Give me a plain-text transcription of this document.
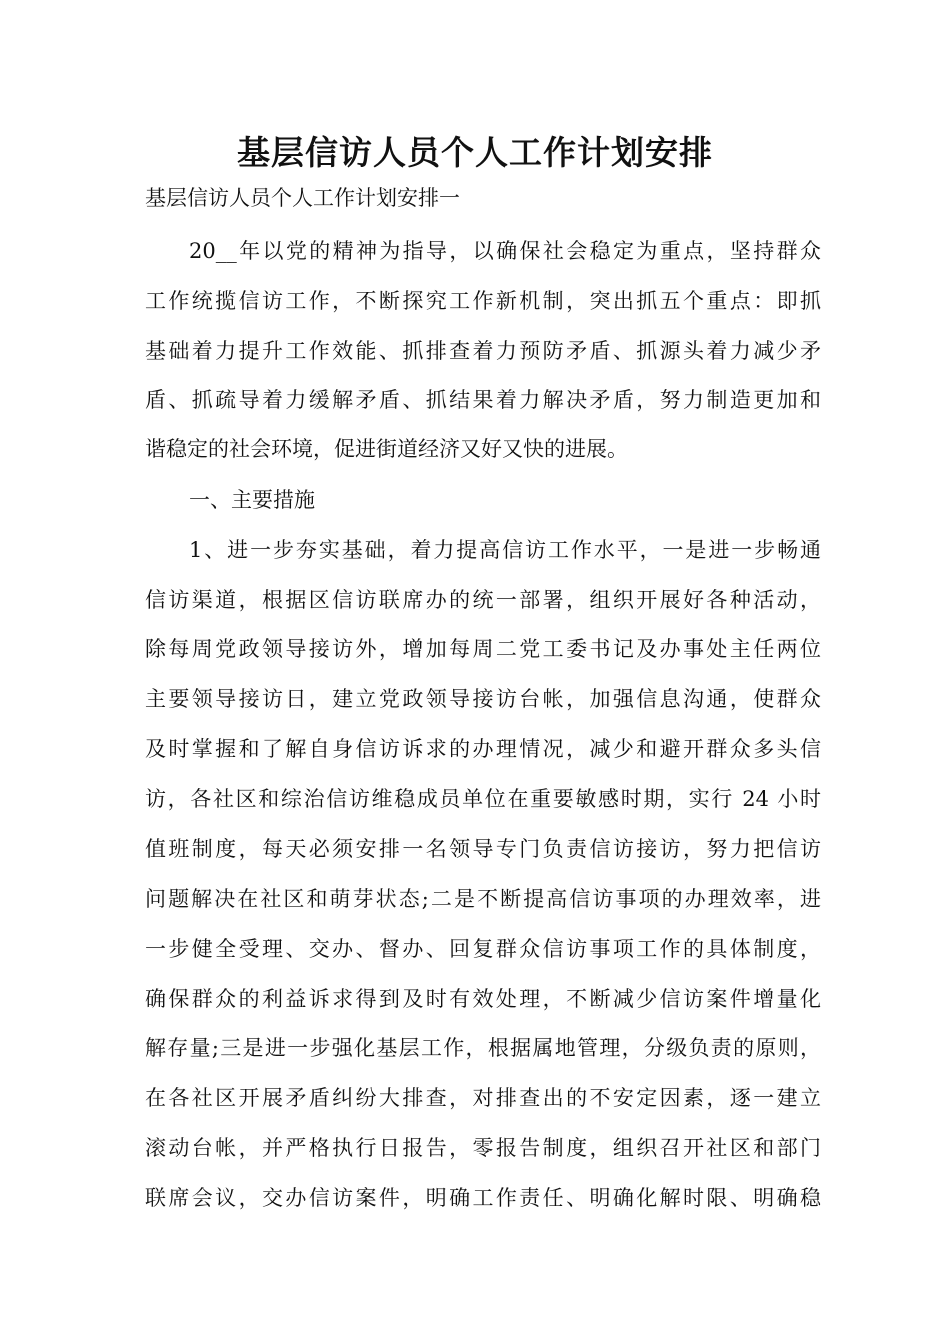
基层信访人员个人工作计划安排

基层信访人员个人工作计划安排一

20__年以党的精神为指导，以确保社会稳定为重点，坚持群众

工作统揽信访工作，不断探究工作新机制，突出抓五个重点：即抓

基础着力提升工作效能、抓排查着力预防矛盾、抓源头着力减少矛

盾、抓疏导着力缓解矛盾、抓结果着力解决矛盾，努力制造更加和

谐稳定的社会环境，促进街道经济又好又快的进展。

一、主要措施

1、进一步夯实基础，着力提高信访工作水平，一是进一步畅通

信访渠道，根据区信访联席办的统一部署，组织开展好各种活动，

除每周党政领导接访外，增加每周二党工委书记及办事处主任两位

主要领导接访日，建立党政领导接访台帐，加强信息沟通，使群众

及时掌握和了解自身信访诉求的办理情况，减少和避开群众多头信

访，各社区和综治信访维稳成员单位在重要敏感时期，实行 24 小时

值班制度，每天必须安排一名领导专门负责信访接访，努力把信访

问题解决在社区和萌芽状态;二是不断提高信访事项的办理效率，进

一步健全受理、交办、督办、回复群众信访事项工作的具体制度，

确保群众的利益诉求得到及时有效处理，不断减少信访案件增量化

解存量;三是进一步强化基层工作，根据属地管理，分级负责的原则，

在各社区开展矛盾纠纷大排查，对排查出的不安定因素，逐一建立

滚动台帐，并严格执行日报告，零报告制度，组织召开社区和部门

联席会议，交办信访案件，明确工作责任、明确化解时限、明确稳
